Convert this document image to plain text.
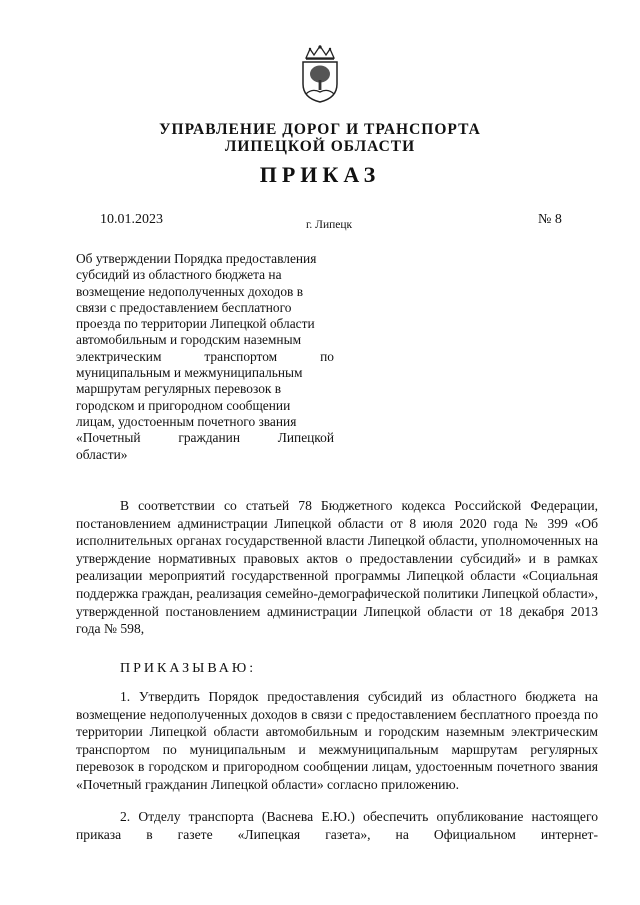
УПРАВЛЕНИЕ ДОРОГ И ТРАНСПОРТА
ЛИПЕЦКОЙ ОБЛАСТИ
ПРИКАЗ
10.01.2023	г. Липецк	№ 8
Об утверждении Порядка предоставления
субсидий из областного бюджета на
возмещение недополученных доходов в
связи с предоставлением бесплатного
проезда по территории Липецкой области
автомобильным и городским наземным
электрическим транспортом по
муниципальным и межмуниципальным
маршрутам регулярных перевозок в
городском и пригородном сообщении
лицам, удостоенным почетного звания
«Почетный гражданин Липецкой
области»

В соответствии со статьей 78 Бюджетного кодекса Российской Федерации, постановлением администрации Липецкой области от 8 июля 2020 года № 399 «Об исполнительных органах государственной власти Липецкой области, уполномоченных на утверждение нормативных правовых актов о предоставлении субсидий» и в рамках реализации мероприятий государственной программы Липецкой области «Социальная поддержка граждан, реализация семейно-демографической политики Липецкой области», утвержденной постановлением администрации Липецкой области от 18 декабря 2013 года № 598,

ПРИКАЗЫВАЮ:

1. Утвердить Порядок предоставления субсидий из областного бюджета на возмещение недополученных доходов в связи с предоставлением бесплатного проезда по территории Липецкой области автомобильным и городским наземным электрическим транспортом по муниципальным и межмуниципальным маршрутам регулярных перевозок в городском и пригородном сообщении лицам, удостоенным почетного звания «Почетный гражданин Липецкой области» согласно приложению.

2. Отделу транспорта (Васнева Е.Ю.) обеспечить опубликование настоящего приказа в газете «Липецкая газета», на Официальном интернет-
